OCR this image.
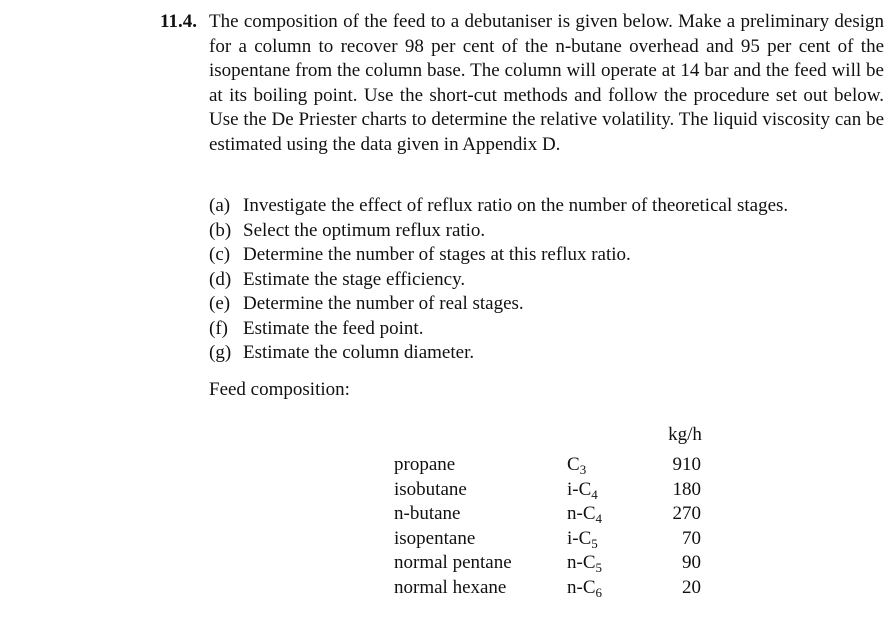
11.4. The composition of the feed to a debutaniser is given below. Make a preliminary design for a column to recover 98 per cent of the n-butane overhead and 95 per cent of the isopentane from the column base. The column will operate at 14 bar and the feed will be at its boiling point. Use the short-cut methods and follow the procedure set out below. Use the De Priester charts to determine the relative volatility. The liquid viscosity can be estimated using the data given in Appendix D.

(a) Investigate the effect of reflux ratio on the number of theoretical stages.
(b) Select the optimum reflux ratio.
(c) Determine the number of stages at this reflux ratio.
(d) Estimate the stage efficiency.
(e) Determine the number of real stages.
(f) Estimate the feed point.
(g) Estimate the column diameter.
Feed composition:
kg/h
propane	$C_3$	910
isobutane	$i-C_4$	180
n-butane	$n-C_4$	270
isopentane	$i-C_5$	70
normal pentane	$n-C_5$	90
normal hexane	$n-C_6$	20
